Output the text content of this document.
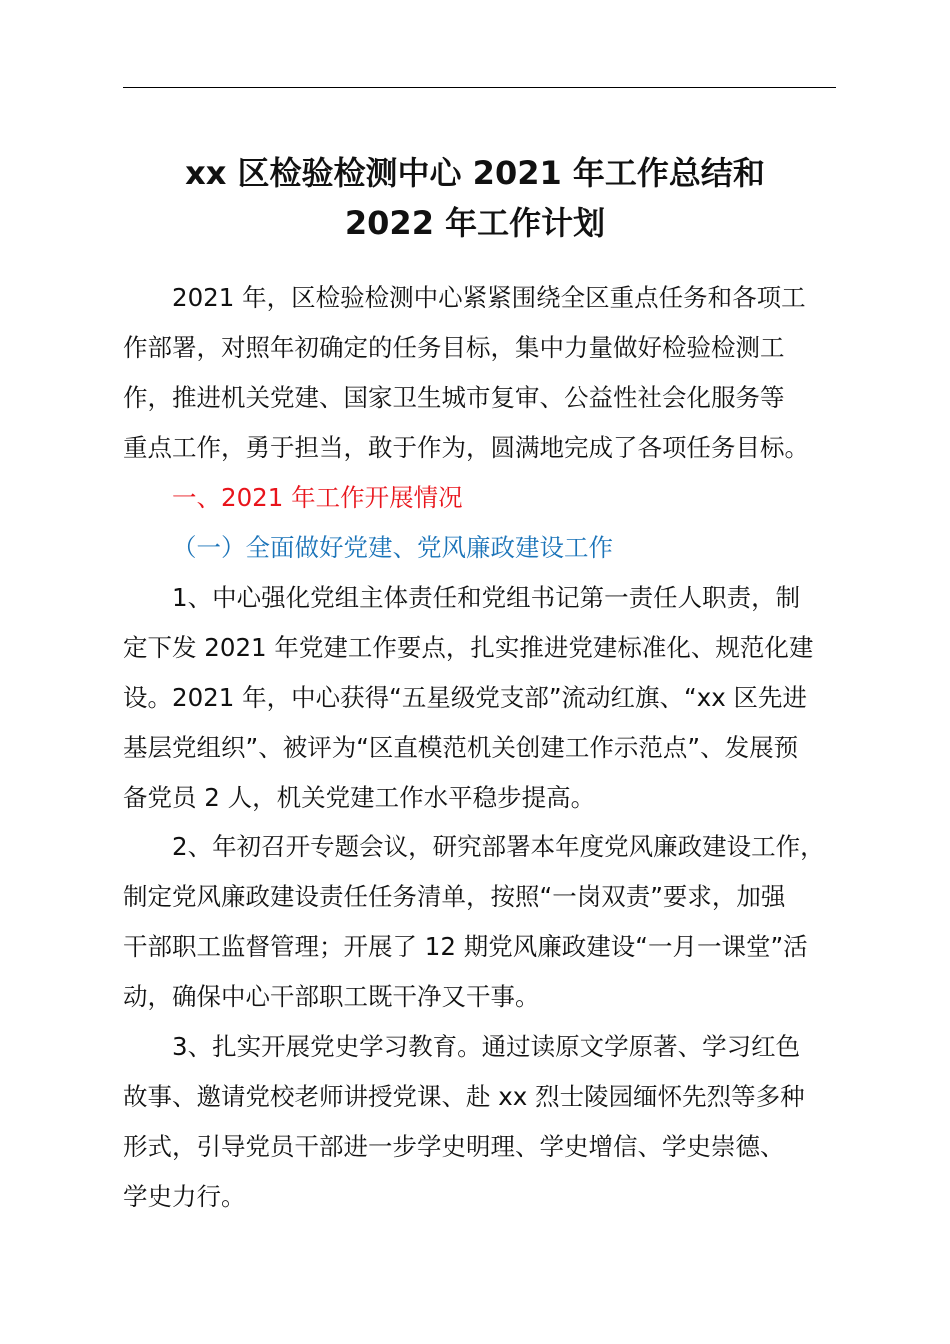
xx 区检验检测中心 2021 年工作总结和
2022 年工作计划
2021 年，区检验检测中心紧紧围绕全区重点任务和各项工
作部署，对照年初确定的任务目标，集中力量做好检验检测工
作，推进机关党建、国家卫生城市复审、公益性社会化服务等
重点工作，勇于担当，敢于作为，圆满地完成了各项任务目标。
一、2021 年工作开展情况
（一）全面做好党建、党风廉政建设工作
1、中心强化党组主体责任和党组书记第一责任人职责，制
定下发 2021 年党建工作要点，扎实推进党建标准化、规范化建
设。2021 年，中心获得“五星级党支部”流动红旗、“xx 区先进
基层党组织”、被评为“区直模范机关创建工作示范点”、发展预
备党员 2 人，机关党建工作水平稳步提高。
2、年初召开专题会议，研究部署本年度党风廉政建设工作，
制定党风廉政建设责任任务清单，按照“一岗双责”要求，加强
干部职工监督管理；开展了 12 期党风廉政建设“一月一课堂”活
动，确保中心干部职工既干净又干事。
3、扎实开展党史学习教育。通过读原文学原著、学习红色
故事、邀请党校老师讲授党课、赴 xx 烈士陵园缅怀先烈等多种
形式，引导党员干部进一步学史明理、学史增信、学史崇德、
学史力行。
